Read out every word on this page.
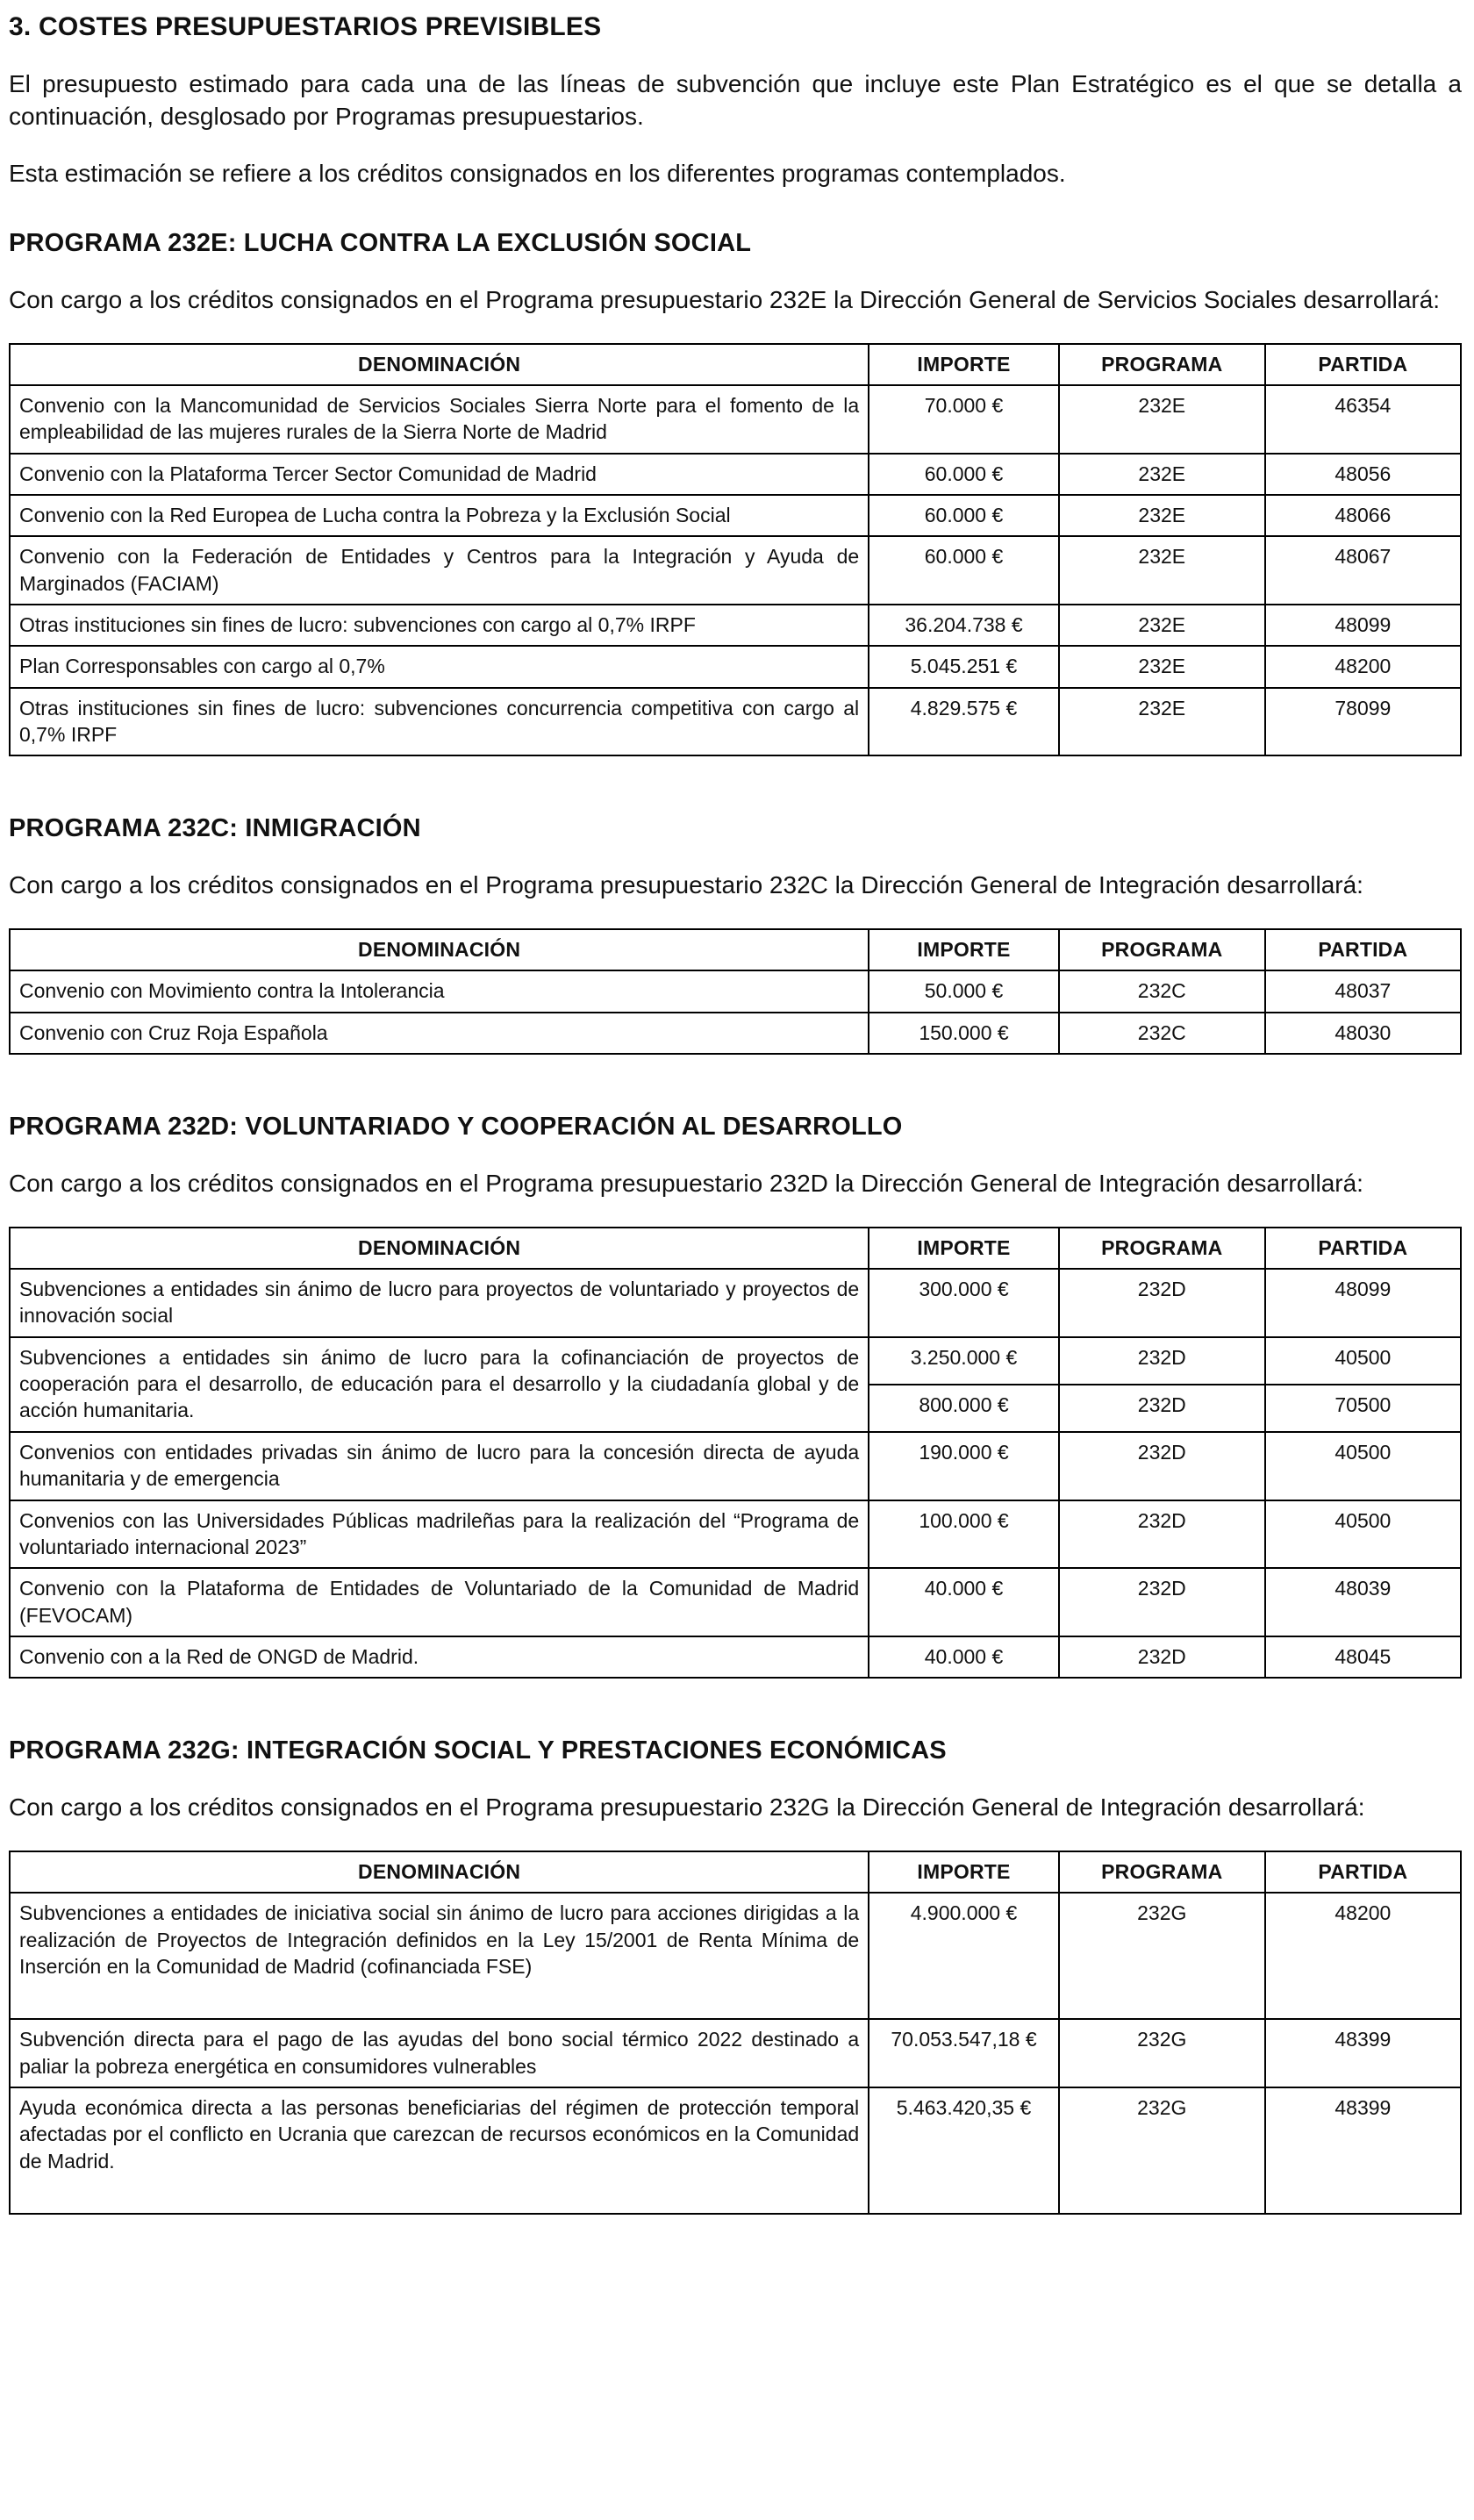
3. COSTES PRESUPUESTARIOS PREVISIBLES

El presupuesto estimado para cada una de las líneas de subvención que incluye este Plan Estratégico es el que se detalla a continuación, desglosado por Programas presupuestarios.

Esta estimación se refiere a los créditos consignados en los diferentes programas contemplados.

PROGRAMA 232E: LUCHA CONTRA LA EXCLUSIÓN SOCIAL

Con cargo a los créditos consignados en el Programa presupuestario 232E la Dirección General de Servicios Sociales desarrollará:

DENOMINACIÓN	IMPORTE	PROGRAMA	PARTIDA
Convenio con la Mancomunidad de Servicios Sociales Sierra Norte para el fomento de la empleabilidad de las mujeres rurales de la Sierra Norte de Madrid	70.000 €	232E	46354
Convenio con la Plataforma Tercer Sector Comunidad de Madrid	60.000 €	232E	48056
Convenio con la Red Europea de Lucha contra la Pobreza y la Exclusión Social	60.000 €	232E	48066
Convenio con la Federación de Entidades y Centros para la Integración y Ayuda de Marginados (FACIAM)	60.000 €	232E	48067
Otras instituciones sin fines de lucro: subvenciones con cargo al 0,7% IRPF	36.204.738 €	232E	48099
Plan Corresponsables con cargo al 0,7%	5.045.251 €	232E	48200
Otras instituciones sin fines de lucro: subvenciones concurrencia competitiva con cargo al 0,7% IRPF	4.829.575 €	232E	78099
PROGRAMA 232C: INMIGRACIÓN

Con cargo a los créditos consignados en el Programa presupuestario 232C la Dirección General de Integración desarrollará:

DENOMINACIÓN	IMPORTE	PROGRAMA	PARTIDA
Convenio con Movimiento contra la Intolerancia	50.000 €	232C	48037
Convenio con Cruz Roja Española	150.000 €	232C	48030
PROGRAMA 232D: VOLUNTARIADO Y COOPERACIÓN AL DESARROLLO

Con cargo a los créditos consignados en el Programa presupuestario 232D la Dirección General de Integración desarrollará:

DENOMINACIÓN	IMPORTE	PROGRAMA	PARTIDA
Subvenciones a entidades sin ánimo de lucro para proyectos de voluntariado y proyectos de innovación social	300.000 €	232D	48099
Subvenciones a entidades sin ánimo de lucro para la cofinanciación de proyectos de cooperación para el desarrollo, de educación para el desarrollo y la ciudadanía global y de acción humanitaria.	3.250.000 €	232D	40500
	800.000 €	232D	70500
Convenios con entidades privadas sin ánimo de lucro para la concesión directa de ayuda humanitaria y de emergencia	190.000 €	232D	40500
Convenios con las Universidades Públicas madrileñas para la realización del “Programa de voluntariado internacional 2023”	100.000 €	232D	40500
Convenio con la Plataforma de Entidades de Voluntariado de la Comunidad de Madrid (FEVOCAM)	40.000 €	232D	48039
Convenio con a la Red de ONGD de Madrid.	40.000 €	232D	48045
PROGRAMA 232G: INTEGRACIÓN SOCIAL Y PRESTACIONES ECONÓMICAS

Con cargo a los créditos consignados en el Programa presupuestario 232G la Dirección General de Integración desarrollará:

DENOMINACIÓN	IMPORTE	PROGRAMA	PARTIDA
Subvenciones a entidades de iniciativa social sin ánimo de lucro para acciones dirigidas a la realización de Proyectos de Integración definidos en la Ley 15/2001 de Renta Mínima de Inserción en la Comunidad de Madrid (cofinanciada FSE)	4.900.000 €	232G	48200
Subvención directa para el pago de las ayudas del bono social térmico 2022 destinado a paliar la pobreza energética en consumidores vulnerables	70.053.547,18 €	232G	48399
Ayuda económica directa a las personas beneficiarias del régimen de protección temporal afectadas por el conflicto en Ucrania que carezcan de recursos económicos en la Comunidad de Madrid.	5.463.420,35 €	232G	48399
